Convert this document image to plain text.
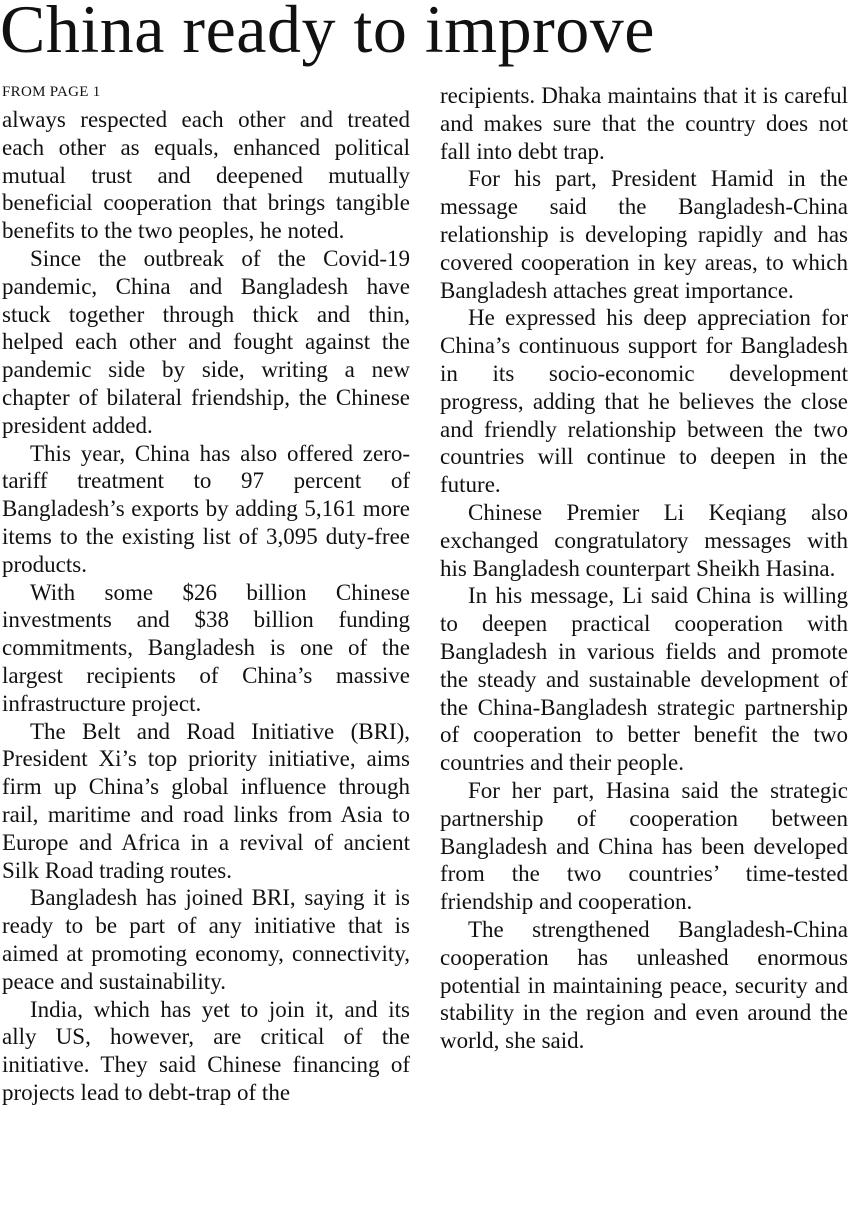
China ready to improve
FROM PAGE 1

always respected each other and treated each other as equals, enhanced political mutual trust and deepened mutually beneficial cooperation that brings tangible benefits to the two peoples, he noted.

Since the outbreak of the Covid-19 pandemic, China and Bangladesh have stuck together through thick and thin, helped each other and fought against the pandemic side by side, writing a new chapter of bilateral friendship, the Chinese president added.

This year, China has also offered zero-tariff treatment to 97 percent of Bangladesh’s exports by adding 5,161 more items to the existing list of 3,095 duty-free products.

With some $26 billion Chinese investments and $38 billion funding commitments, Bangladesh is one of the largest recipients of China’s massive infrastructure project.

The Belt and Road Initiative (BRI), President Xi’s top priority initiative, aims firm up China’s global influence through rail, maritime and road links from Asia to Europe and Africa in a revival of ancient Silk Road trading routes.

Bangladesh has joined BRI, saying it is ready to be part of any initiative that is aimed at promoting economy, connectivity, peace and sustainability.

India, which has yet to join it, and its ally US, however, are critical of the initiative. They said Chinese financing of projects lead to debt-trap of the

recipients. Dhaka maintains that it is careful and makes sure that the country does not fall into debt trap.

For his part, President Hamid in the message said the Bangladesh-China relationship is developing rapidly and has covered cooperation in key areas, to which Bangladesh attaches great importance.

He expressed his deep appreciation for China’s continuous support for Bangladesh in its socio-economic development progress, adding that he believes the close and friendly relationship between the two countries will continue to deepen in the future.

Chinese Premier Li Keqiang also exchanged congratulatory messages with his Bangladesh counterpart Sheikh Hasina.

In his message, Li said China is willing to deepen practical cooperation with Bangladesh in various fields and promote the steady and sustainable development of the China-Bangladesh strategic partnership of cooperation to better benefit the two countries and their people.

For her part, Hasina said the strategic partnership of cooperation between Bangladesh and China has been developed from the two countries’ time-tested friendship and cooperation.

The strengthened Bangladesh-China cooperation has unleashed enormous potential in maintaining peace, security and stability in the region and even around the world, she said.
